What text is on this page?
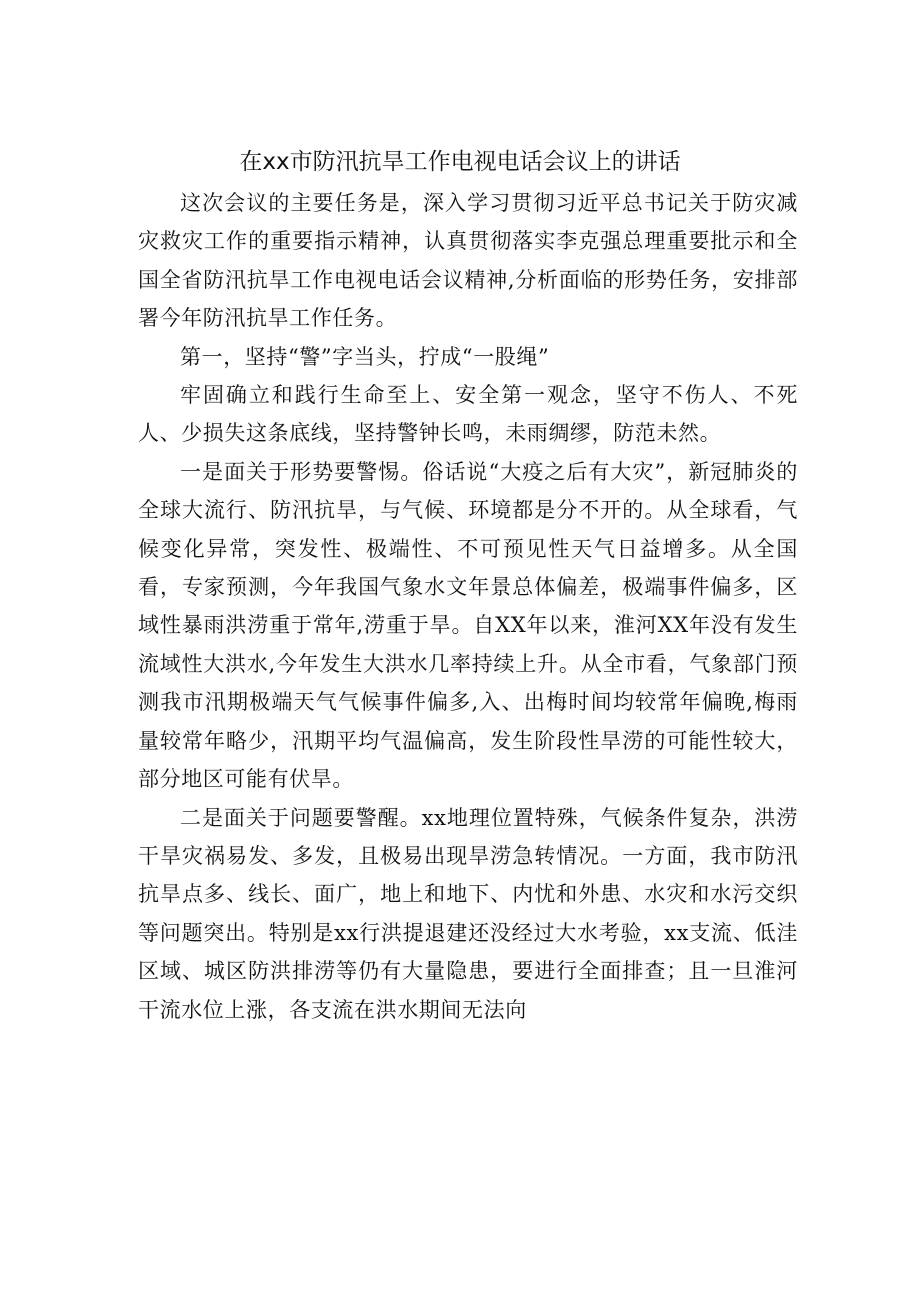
在xx市防汛抗旱工作电视电话会议上的讲话

这次会议的主要任务是，深入学习贯彻习近平总书记关于防灾减灾救灾工作的重要指示精神，认真贯彻落实李克强总理重要批示和全国全省防汛抗旱工作电视电话会议精神,分析面临的形势任务，安排部署今年防汛抗旱工作任务。

第一，坚持“警”字当头，拧成“一股绳”

牢固确立和践行生命至上、安全第一观念，坚守不伤人、不死人、少损失这条底线，坚持警钟长鸣，未雨绸缪，防范未然。

一是面关于形势要警惕。俗话说“大疫之后有大灾”，新冠肺炎的全球大流行、防汛抗旱，与气候、环境都是分不开的。从全球看，气候变化异常，突发性、极端性、不可预见性天气日益增多。从全国看，专家预测，今年我国气象水文年景总体偏差，极端事件偏多，区域性暴雨洪涝重于常年,涝重于旱。自XX年以来，淮河XX年没有发生流域性大洪水,今年发生大洪水几率持续上升。从全市看，气象部门预测我市汛期极端天气气候事件偏多,入、出梅时间均较常年偏晚,梅雨量较常年略少，汛期平均气温偏高，发生阶段性旱涝的可能性较大，部分地区可能有伏旱。

二是面关于问题要警醒。xx地理位置特殊，气候条件复杂，洪涝干旱灾祸易发、多发，且极易出现旱涝急转情况。一方面，我市防汛抗旱点多、线长、面广，地上和地下、内忧和外患、水灾和水污交织等问题突出。特别是xx行洪提退建还没经过大水考验，xx支流、低洼区域、城区防洪排涝等仍有大量隐患，要进行全面排查；且一旦淮河干流水位上涨，各支流在洪水期间无法向
